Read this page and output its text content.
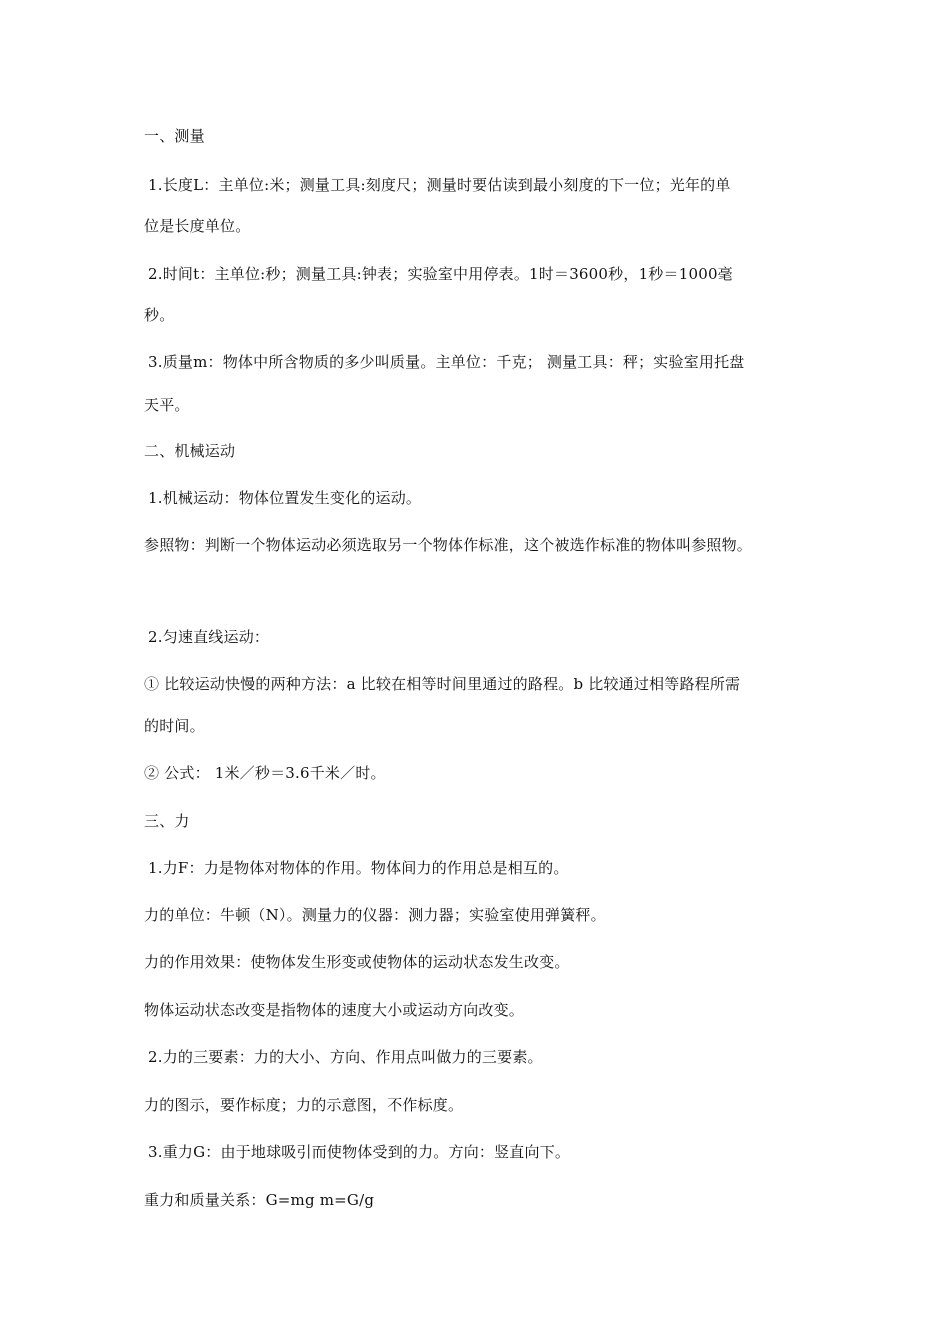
一、测量
1.长度L：主单位:米；测量工具:刻度尺；测量时要估读到最小刻度的下一位；光年的单
位是长度单位。
2.时间t：主单位:秒；测量工具:钟表；实验室中用停表。1时＝3600秒，1秒＝1000毫
秒。
3.质量m：物体中所含物质的多少叫质量。主单位：千克； 测量工具：秤；实验室用托盘
天平。
二、机械运动
1.机械运动：物体位置发生变化的运动。
参照物：判断一个物体运动必须选取另一个物体作标准，这个被选作标准的物体叫参照物。
2.匀速直线运动：
① 比较运动快慢的两种方法：a 比较在相等时间里通过的路程。b 比较通过相等路程所需
的时间。
② 公式： 1米／秒＝3.6千米／时。
三、力
1.力F：力是物体对物体的作用。物体间力的作用总是相互的。
力的单位：牛顿（N）。测量力的仪器：测力器；实验室使用弹簧秤。
力的作用效果：使物体发生形变或使物体的运动状态发生改变。
物体运动状态改变是指物体的速度大小或运动方向改变。
2.力的三要素：力的大小、方向、作用点叫做力的三要素。
力的图示，要作标度；力的示意图，不作标度。
3.重力G：由于地球吸引而使物体受到的力。方向：竖直向下。
重力和质量关系：G=mg m=G/g
